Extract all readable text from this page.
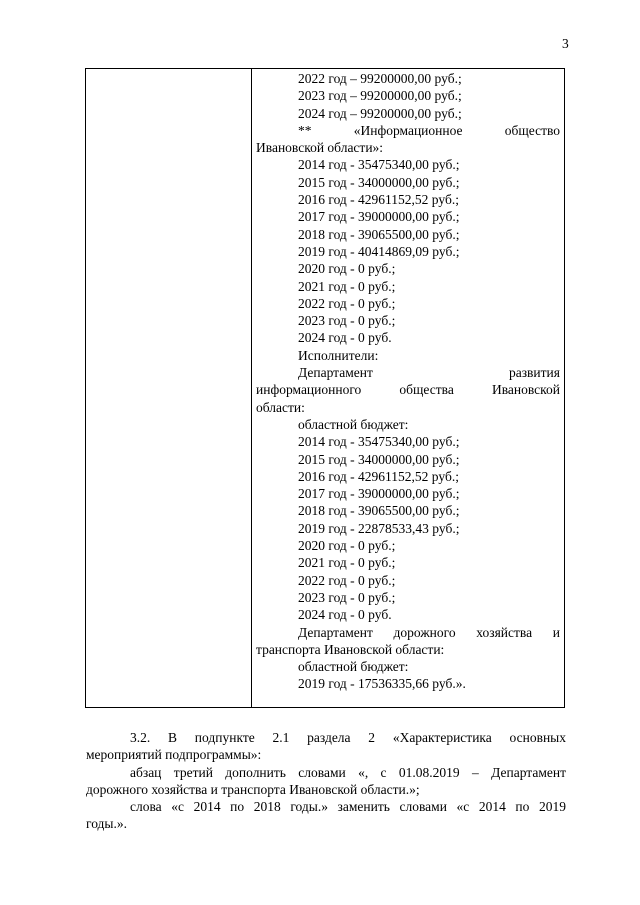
3
2022 год – 99200000,00 руб.;
2023 год – 99200000,00 руб.;
2024 год – 99200000,00 руб.;
** «Информационное общество
Ивановской области»:
2014 год - 35475340,00 руб.;
2015 год - 34000000,00 руб.;
2016 год - 42961152,52 руб.;
2017 год - 39000000,00 руб.;
2018 год - 39065500,00 руб.;
2019 год - 40414869,09 руб.;
2020 год - 0 руб.;
2021 год - 0 руб.;
2022 год - 0 руб.;
2023 год - 0 руб.;
2024 год - 0 руб.
Исполнители:
Департамент развития
информационного общества Ивановской
области:
областной бюджет:
2014 год - 35475340,00 руб.;
2015 год - 34000000,00 руб.;
2016 год - 42961152,52 руб.;
2017 год - 39000000,00 руб.;
2018 год - 39065500,00 руб.;
2019 год - 22878533,43 руб.;
2020 год - 0 руб.;
2021 год - 0 руб.;
2022 год - 0 руб.;
2023 год - 0 руб.;
2024 год - 0 руб.
Департамент дорожного хозяйства и
транспорта Ивановской области:
областной бюджет:
2019 год - 17536335,66 руб.».
3.2. В подпункте 2.1 раздела 2 «Характеристика основных
мероприятий подпрограммы»:
абзац третий дополнить словами «, с 01.08.2019 – Департамент
дорожного хозяйства и транспорта Ивановской области.»;
слова «с 2014 по 2018 годы.» заменить словами «с 2014 по 2019
годы.».
